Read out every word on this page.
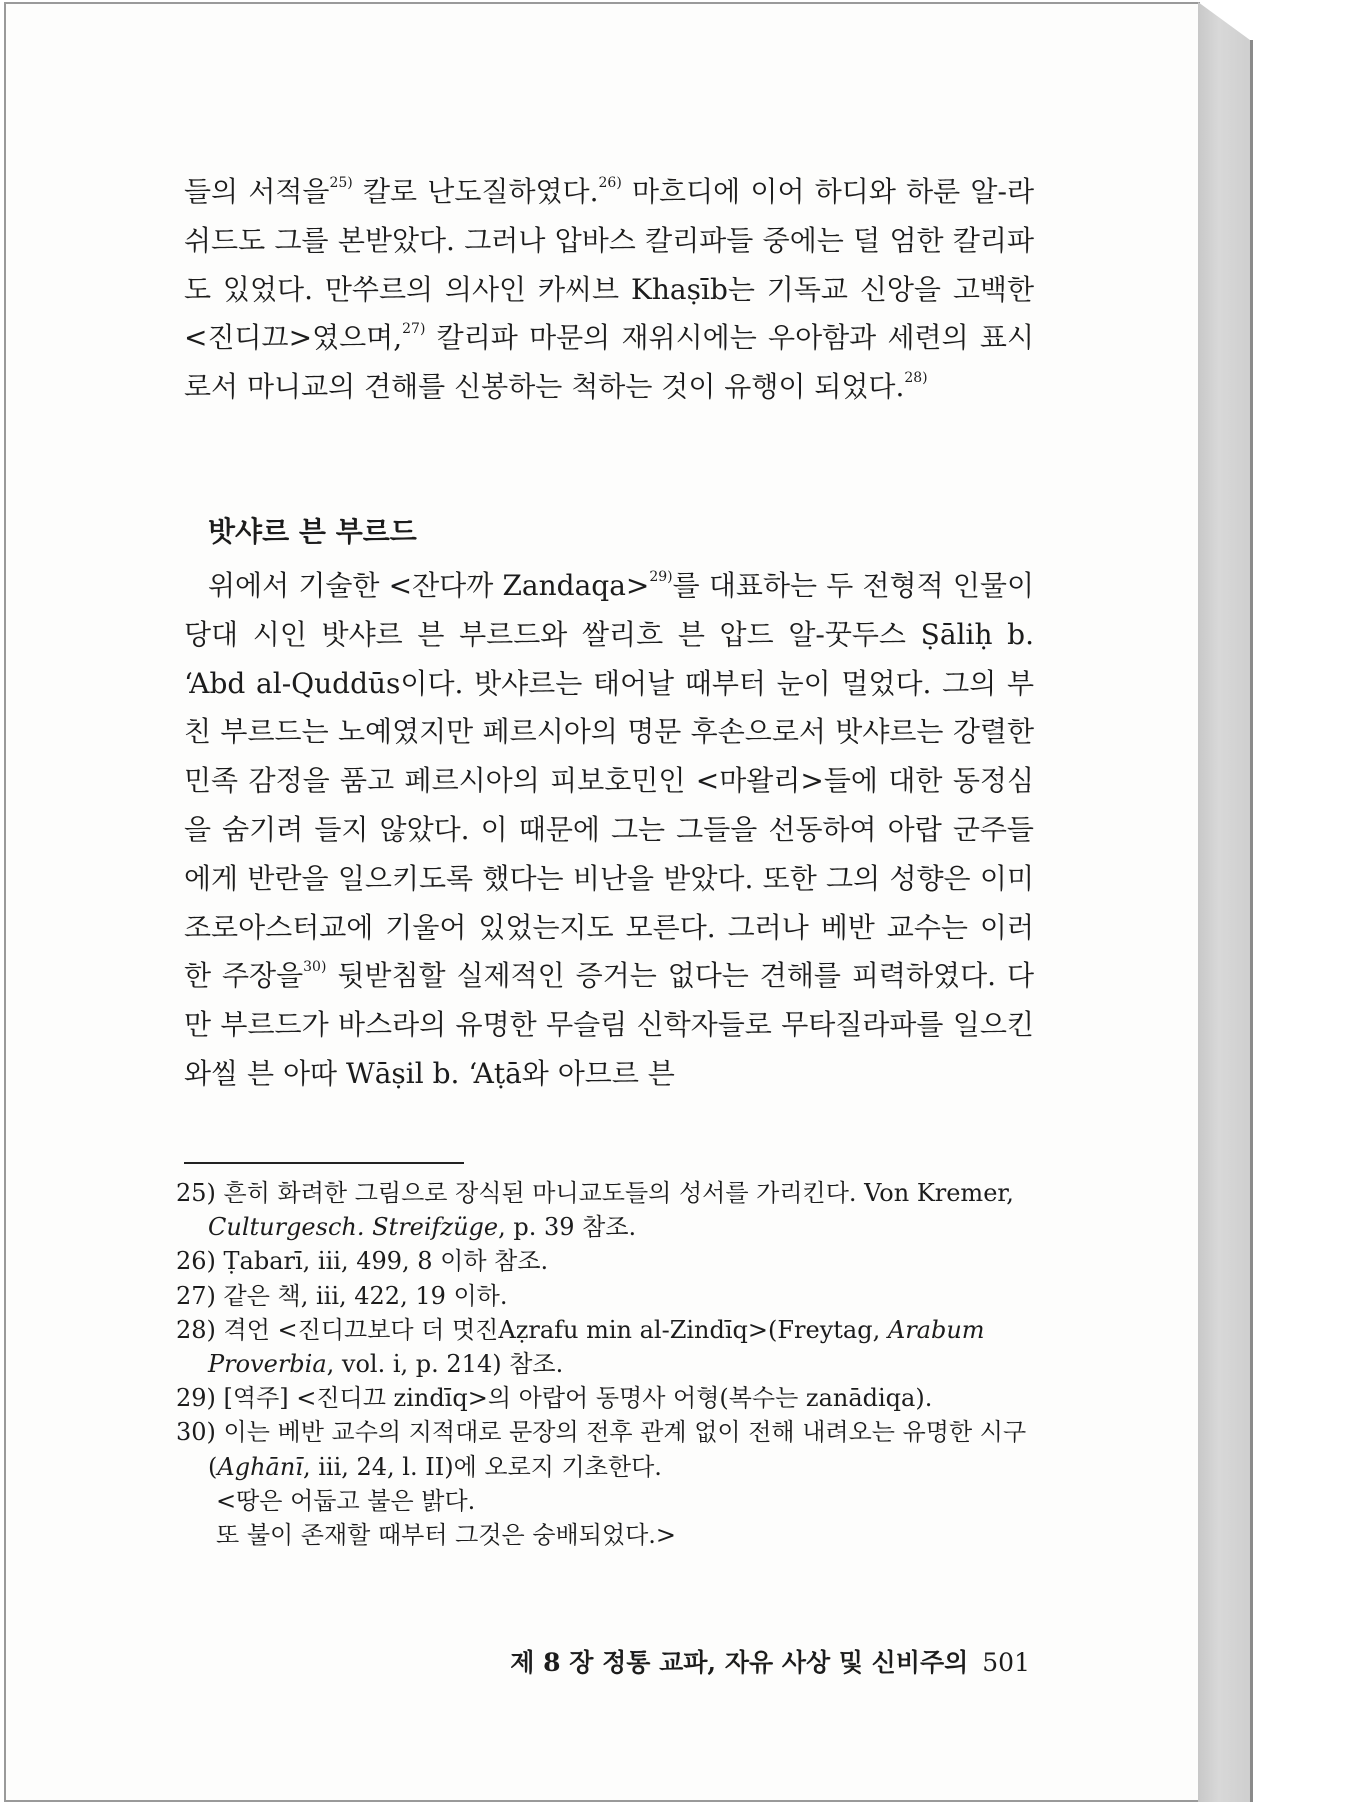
들의 서적을$^{25)}$ 칼로 난도질하였다.$^{26)}$ 마흐디에 이어 하디와 하룬 알-라쉬드도 그를 본받았다. 그러나 압바스 칼리파들 중에는 덜 엄한 칼리파도 있었다. 만쑤르의 의사인 카씨브 Khaṣīb는 기독교 신앙을 고백한 <진디끄>였으며,$^{27)}$ 칼리파 마문의 재위시에는 우아함과 세련의 표시로서 마니교의 견해를 신봉하는 척하는 것이 유행이 되었다.$^{28)}$

밧샤르 븐 부르드

위에서 기술한 <잔다까 Zandaqa>$^{29)}$를 대표하는 두 전형적 인물이 당대 시인 밧샤르 븐 부르드와 쌀리흐 븐 압드 알-꿋두스 Ṣāliḥ b. ʻAbd al-Quddūs이다. 밧샤르는 태어날 때부터 눈이 멀었다. 그의 부친 부르드는 노예였지만 페르시아의 명문 후손으로서 밧샤르는 강렬한 민족 감정을 품고 페르시아의 피보호민인 <마왈리>들에 대한 동정심을 숨기려 들지 않았다. 이 때문에 그는 그들을 선동하여 아랍 군주들에게 반란을 일으키도록 했다는 비난을 받았다. 또한 그의 성향은 이미 조로아스터교에 기울어 있었는지도 모른다. 그러나 베반 교수는 이러한 주장을$^{30)}$ 뒷받침할 실제적인 증거는 없다는 견해를 피력하였다. 다만 부르드가 바스라의 유명한 무슬림 신학자들로 무타질라파를 일으킨 와씰 븐 아따 Wāṣil b. ʻAṭā와 아므르 븐

25) 흔히 화려한 그림으로 장식된 마니교도들의 성서를 가리킨다. Von Kremer, Culturgesch. Streifzüge, p. 39 참조.

26) Ṭabarī, iii, 499, 8 이하 참조.

27) 같은 책, iii, 422, 19 이하.

28) 격언 <진디끄보다 더 멋진Aẓrafu min al-Zindīq>(Freytag, Arabum Proverbia, vol. i, p. 214) 참조.

29) [역주] <진디끄 zindīq>의 아랍어 동명사 어형(복수는 zanādiqa).

30) 이는 베반 교수의 지적대로 문장의 전후 관계 없이 전해 내려오는 유명한 시구(Aghānī, iii, 24, l. II)에 오로지 기초한다.

<땅은 어둡고 불은 밝다.

또 불이 존재할 때부터 그것은 숭배되었다.>

제 8 장 정통 교파, 자유 사상 및 신비주의 501
